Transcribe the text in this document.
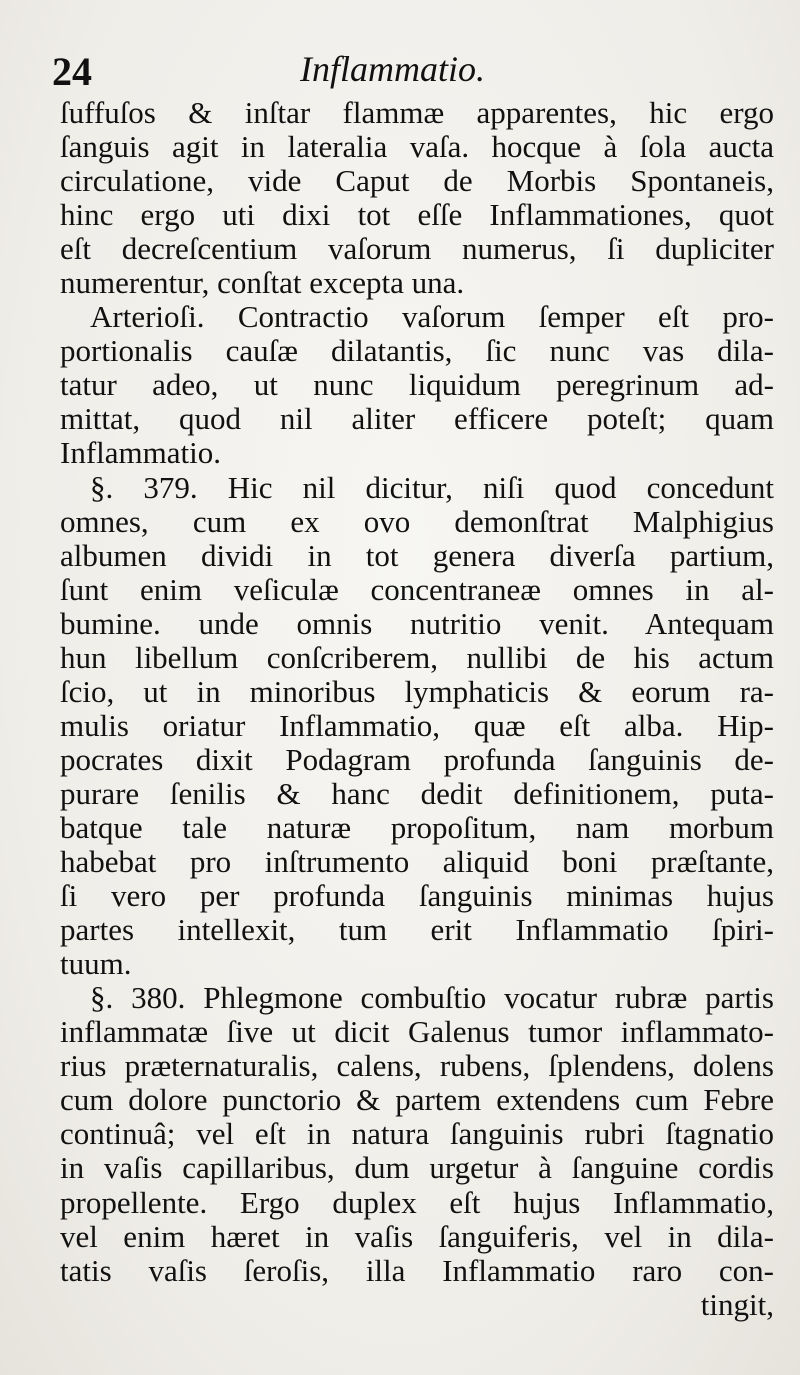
24	Inflammatio.
ſuffuſos & inſtar flammæ apparentes, hic ergo
ſanguis agit in lateralia vaſa. hocque à ſola aucta
circulatione, vide Caput de Morbis Spontaneis,
hinc ergo uti dixi tot eſſe Inflammationes, quot
eſt decreſcentium vaſorum numerus, ſi dupliciter
numerentur, conſtat excepta una.
Arterioſi. Contractio vaſorum ſemper eſt pro-
portionalis cauſæ dilatantis, ſic nunc vas dila-
tatur adeo, ut nunc liquidum peregrinum ad-
mittat, quod nil aliter efficere poteſt; quam
Inflammatio.
§. 379. Hic nil dicitur, niſi quod concedunt
omnes, cum ex ovo demonſtrat Malphigius
albumen dividi in tot genera diverſa partium,
ſunt enim veſiculæ concentraneæ omnes in al-
bumine. unde omnis nutritio venit. Antequam
hun libellum conſcriberem, nullibi de his actum
ſcio, ut in minoribus lymphaticis & eorum ra-
mulis oriatur Inflammatio, quæ eſt alba. Hip-
pocrates dixit Podagram profunda ſanguinis de-
purare ſenilis & hanc dedit definitionem, puta-
batque tale naturæ propoſitum, nam morbum
habebat pro inſtrumento aliquid boni præſtante,
ſi vero per profunda ſanguinis minimas hujus
partes intellexit, tum erit Inflammatio ſpiri-
tuum.
§. 380. Phlegmone combuſtio vocatur rubræ partis
inflammatæ ſive ut dicit Galenus tumor inflammato-
rius præternaturalis, calens, rubens, ſplendens, dolens
cum dolore punctorio & partem extendens cum Febre
continuâ; vel eſt in natura ſanguinis rubri ſtagnatio
in vaſis capillaribus, dum urgetur à ſanguine cordis
propellente. Ergo duplex eſt hujus Inflammatio,
vel enim hæret in vaſis ſanguiferis, vel in dila-
tatis vaſis ſeroſis, illa Inflammatio raro con-
tingit,
